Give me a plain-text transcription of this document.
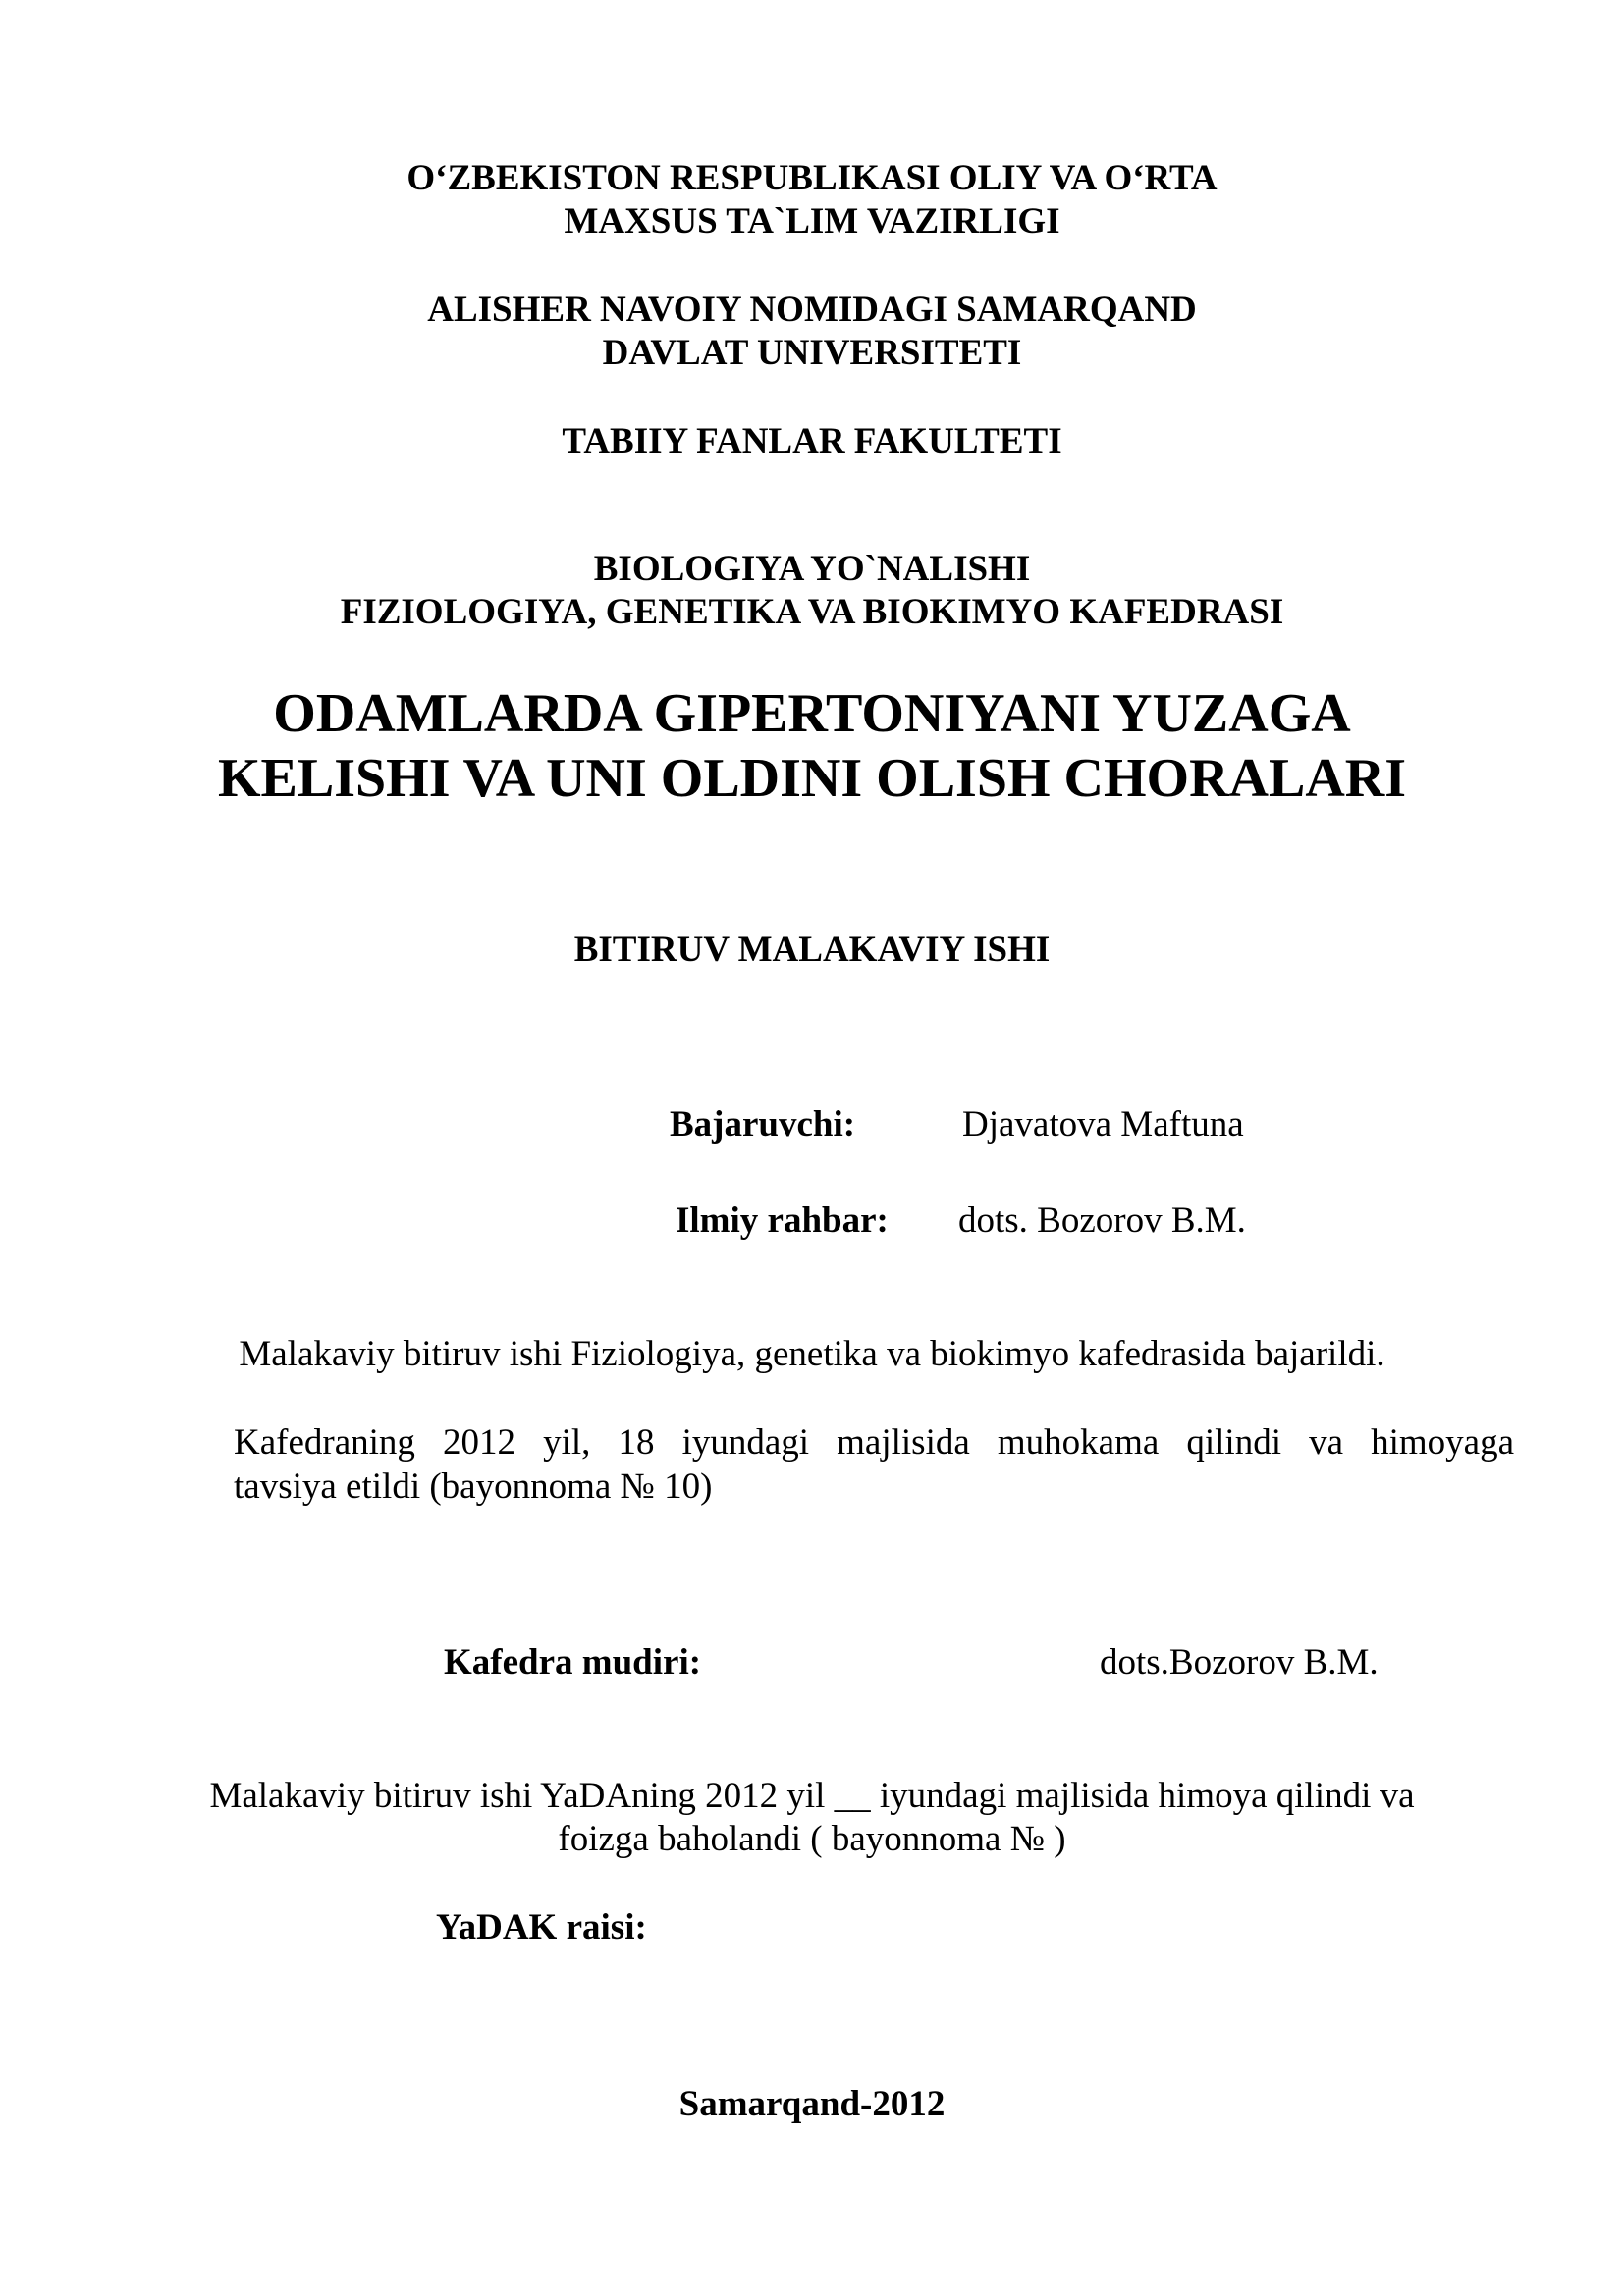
O‘ZBEKISTON RESPUBLIKASI OLIY VA O‘RTA
MAXSUS TA`LIM VAZIRLIGI
ALISHER NAVOIY NOMIDAGI SAMARQAND
DAVLAT UNIVERSITETI
TABIIY FANLAR FAKULTETI
BIOLOGIYA YO`NALISHI
FIZIOLOGIYA, GENETIKA VA BIOKIMYO KAFEDRASI
ODAMLARDA GIPERTONIYANI YUZAGA
KELISHI VA UNI OLDINI OLISH CHORALARI
BITIRUV MALAKAVIY ISHI
Bajaruvchi:	Djavatova Maftuna
Ilmiy rahbar: dots. Bozorov B.M.
Malakaviy bitiruv ishi Fiziologiya, genetika va biokimyo kafedrasida bajarildi.
Kafedraning 2012 yil, 18 iyundagi majlisida muhokama qilindi va himoyaga
tavsiya etildi (bayonnoma № 10)
Kafedra mudiri:	dots.Bozorov B.M.
Malakaviy bitiruv ishi YaDAning 2012 yil __ iyundagi majlisida himoya qilindi va
foizga baholandi ( bayonnoma № )
YaDAK raisi:
Samarqand-2012
